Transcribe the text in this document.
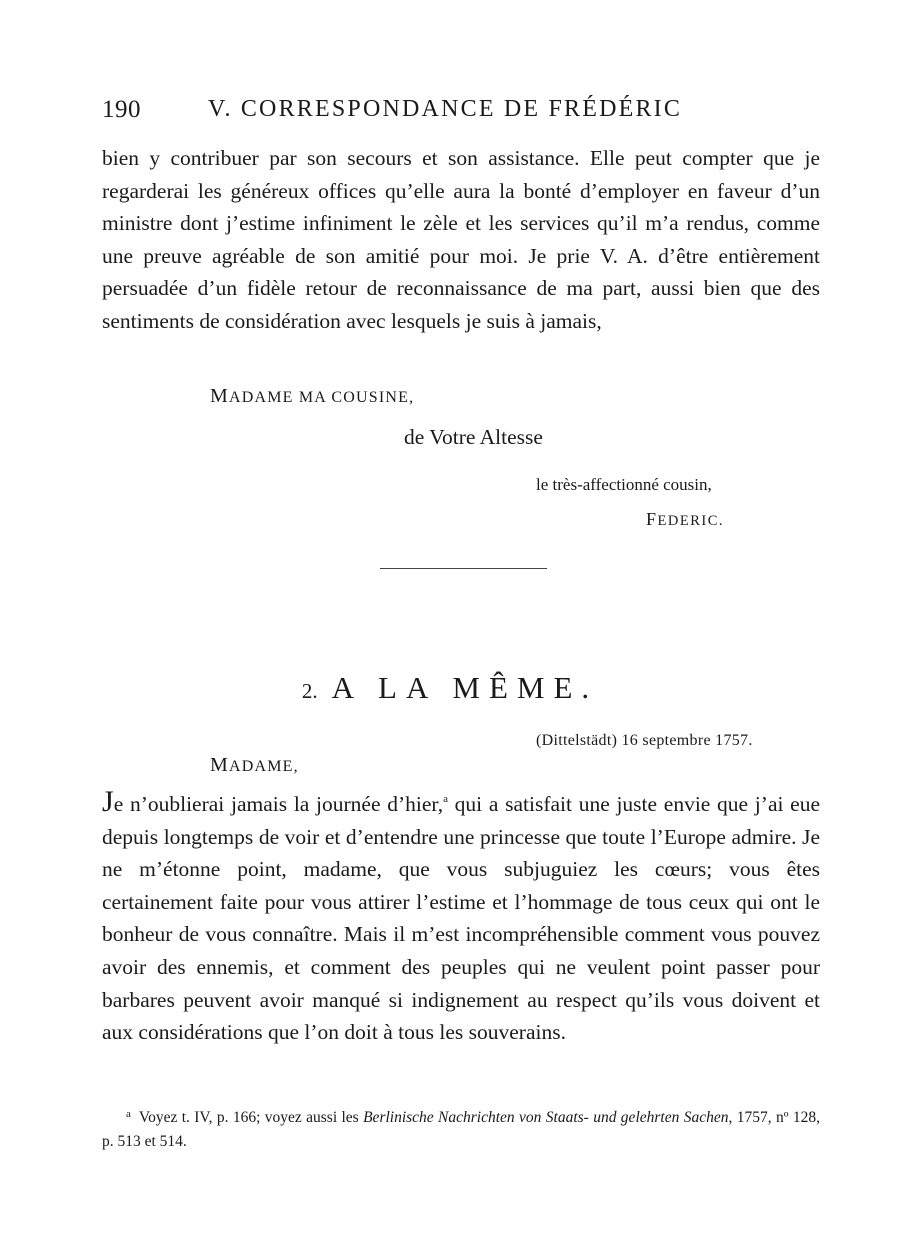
190	V. CORRESPONDANCE DE FRÉDÉRIC

bien y contribuer par son secours et son assistance. Elle peut compter que je regarderai les généreux offices qu’elle aura la bonté d’employer en faveur d’un ministre dont j’estime infiniment le zèle et les services qu’il m’a rendus, comme une preuve agréable de son amitié pour moi. Je prie V. A. d’être entièrement persuadée d’un fidèle retour de reconnaissance de ma part, aussi bien que des sentiments de considération avec lesquels je suis à jamais,

MADAME MA COUSINE,
de Votre Altesse
le très-affectionné cousin,
FEDERIC.
2. A LA MÊME.
(Dittelstädt) 16 septembre 1757.
MADAME,

Je n’oublierai jamais la journée d’hier,$^a$ qui a satisfait une juste envie que j’ai eue depuis longtemps de voir et d’entendre une princesse que toute l’Europe admire. Je ne m’étonne point, madame, que vous subjuguiez les cœurs; vous êtes certainement faite pour vous attirer l’estime et l’hommage de tous ceux qui ont le bonheur de vous connaître. Mais il m’est incompréhensible comment vous pouvez avoir des ennemis, et comment des peuples qui ne veulent point passer pour barbares peuvent avoir manqué si indignement au respect qu’ils vous doivent et aux considérations que l’on doit à tous les souverains.

$^a$ Voyez t. IV, p. 166; voyez aussi les Berlinische Nachrichten von Staats- und gelehrten Sachen, 1757, nº 128, p. 513 et 514.
